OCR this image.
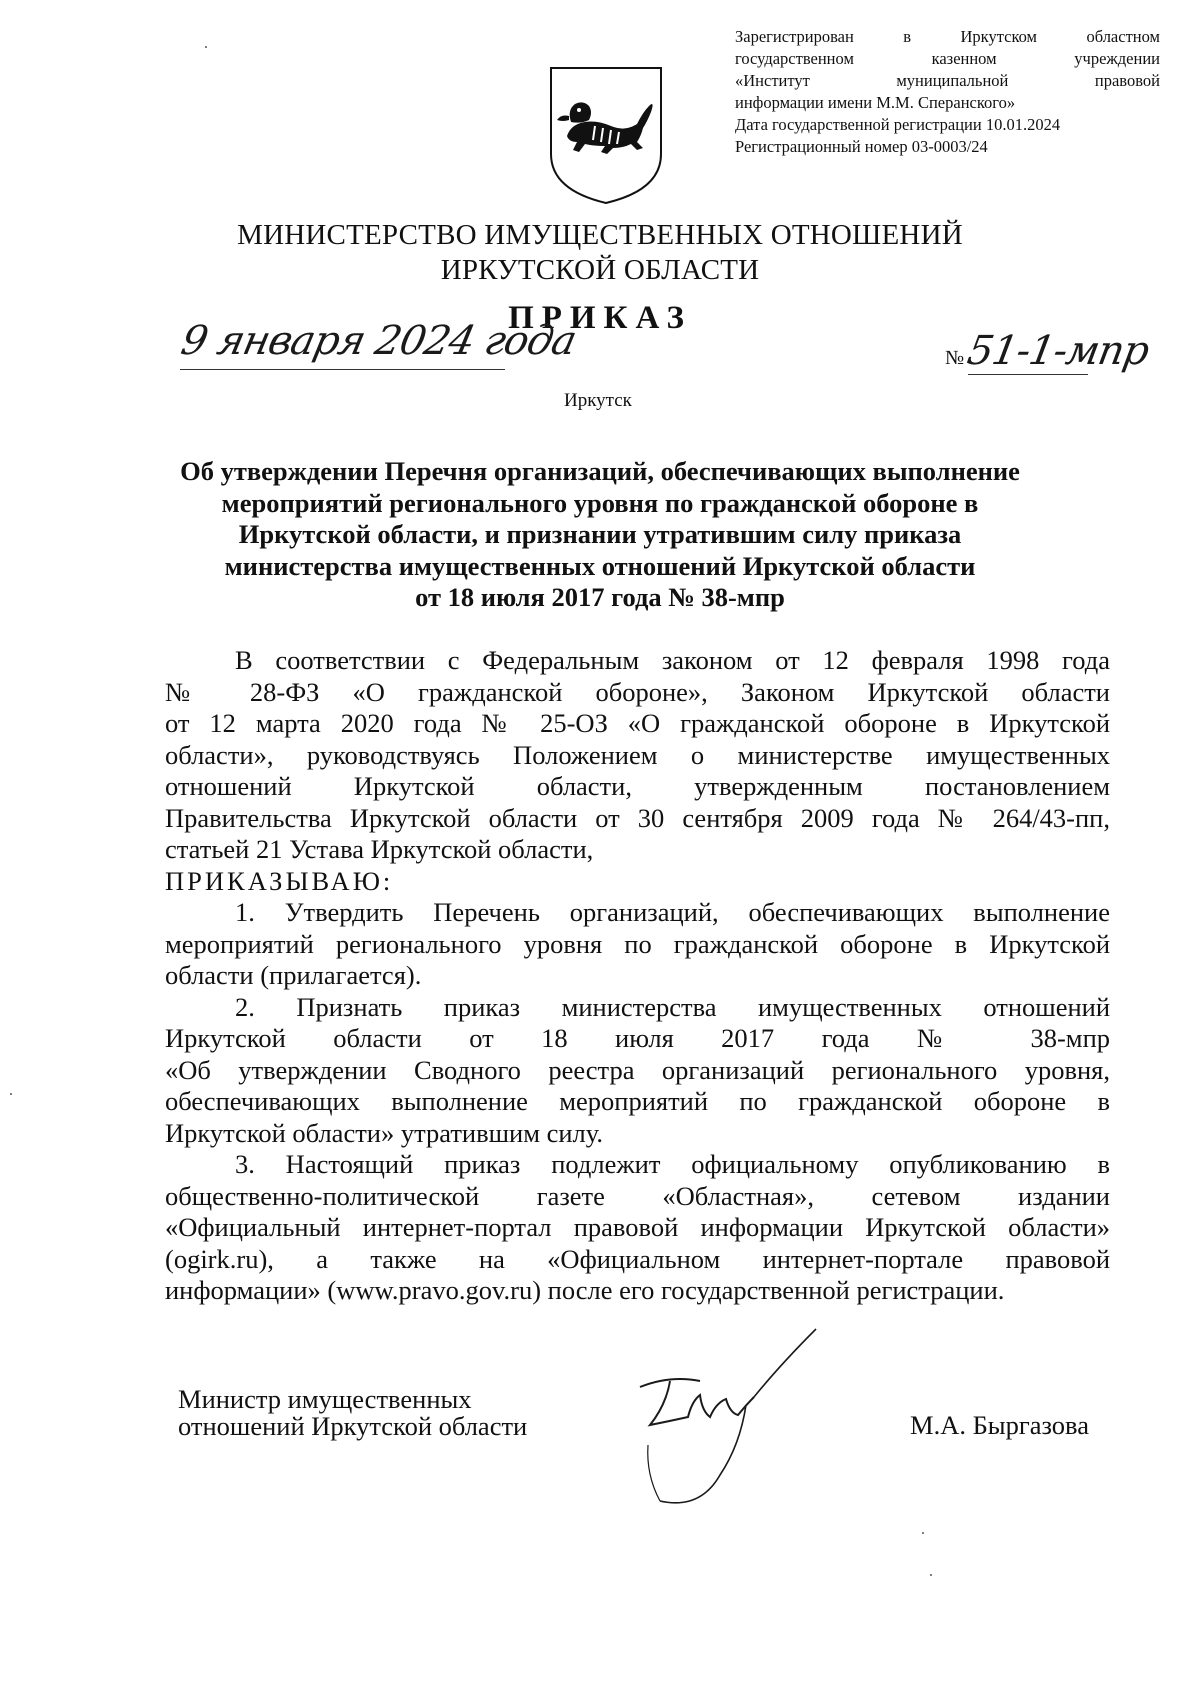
Зарегистрирован в Иркутском областном
государственном казенном учреждении
«Институт муниципальной правовой
информации имени М.М. Сперанского»
Дата государственной регистрации 10.01.2024
Регистрационный номер 03-0003/24
МИНИСТЕРСТВО ИМУЩЕСТВЕННЫХ ОТНОШЕНИЙ
ИРКУТСКОЙ ОБЛАСТИ
ПРИКАЗ
9 января 2024 года	№ 51-1-мпр
Иркутск
Об утверждении Перечня организаций, обеспечивающих выполнение
мероприятий регионального уровня по гражданской обороне в
Иркутской области, и признании утратившим силу приказа
министерства имущественных отношений Иркутской области
от 18 июля 2017 года № 38-мпр
В соответствии с Федеральным законом от 12 февраля 1998 года
№ 28-ФЗ «О гражданской обороне», Законом Иркутской области
от 12 марта 2020 года № 25-ОЗ «О гражданской обороне в Иркутской
области», руководствуясь Положением о министерстве имущественных
отношений Иркутской области, утвержденным постановлением
Правительства Иркутской области от 30 сентября 2009 года № 264/43-пп,
статьей 21 Устава Иркутской области,
ПРИКАЗЫВАЮ:
1. Утвердить Перечень организаций, обеспечивающих выполнение
мероприятий регионального уровня по гражданской обороне в Иркутской
области (прилагается).
2. Признать приказ министерства имущественных отношений
Иркутской области от 18 июля 2017 года № 38-мпр
«Об утверждении Сводного реестра организаций регионального уровня,
обеспечивающих выполнение мероприятий по гражданской обороне в
Иркутской области» утратившим силу.
3. Настоящий приказ подлежит официальному опубликованию в
общественно-политической газете «Областная», сетевом издании
«Официальный интернет-портал правовой информации Иркутской области»
(ogirk.ru), а также на «Официальном интернет-портале правовой
информации» (www.pravo.gov.ru) после его государственной регистрации.
Министр имущественных
отношений Иркутской области	М.А. Быргазова
